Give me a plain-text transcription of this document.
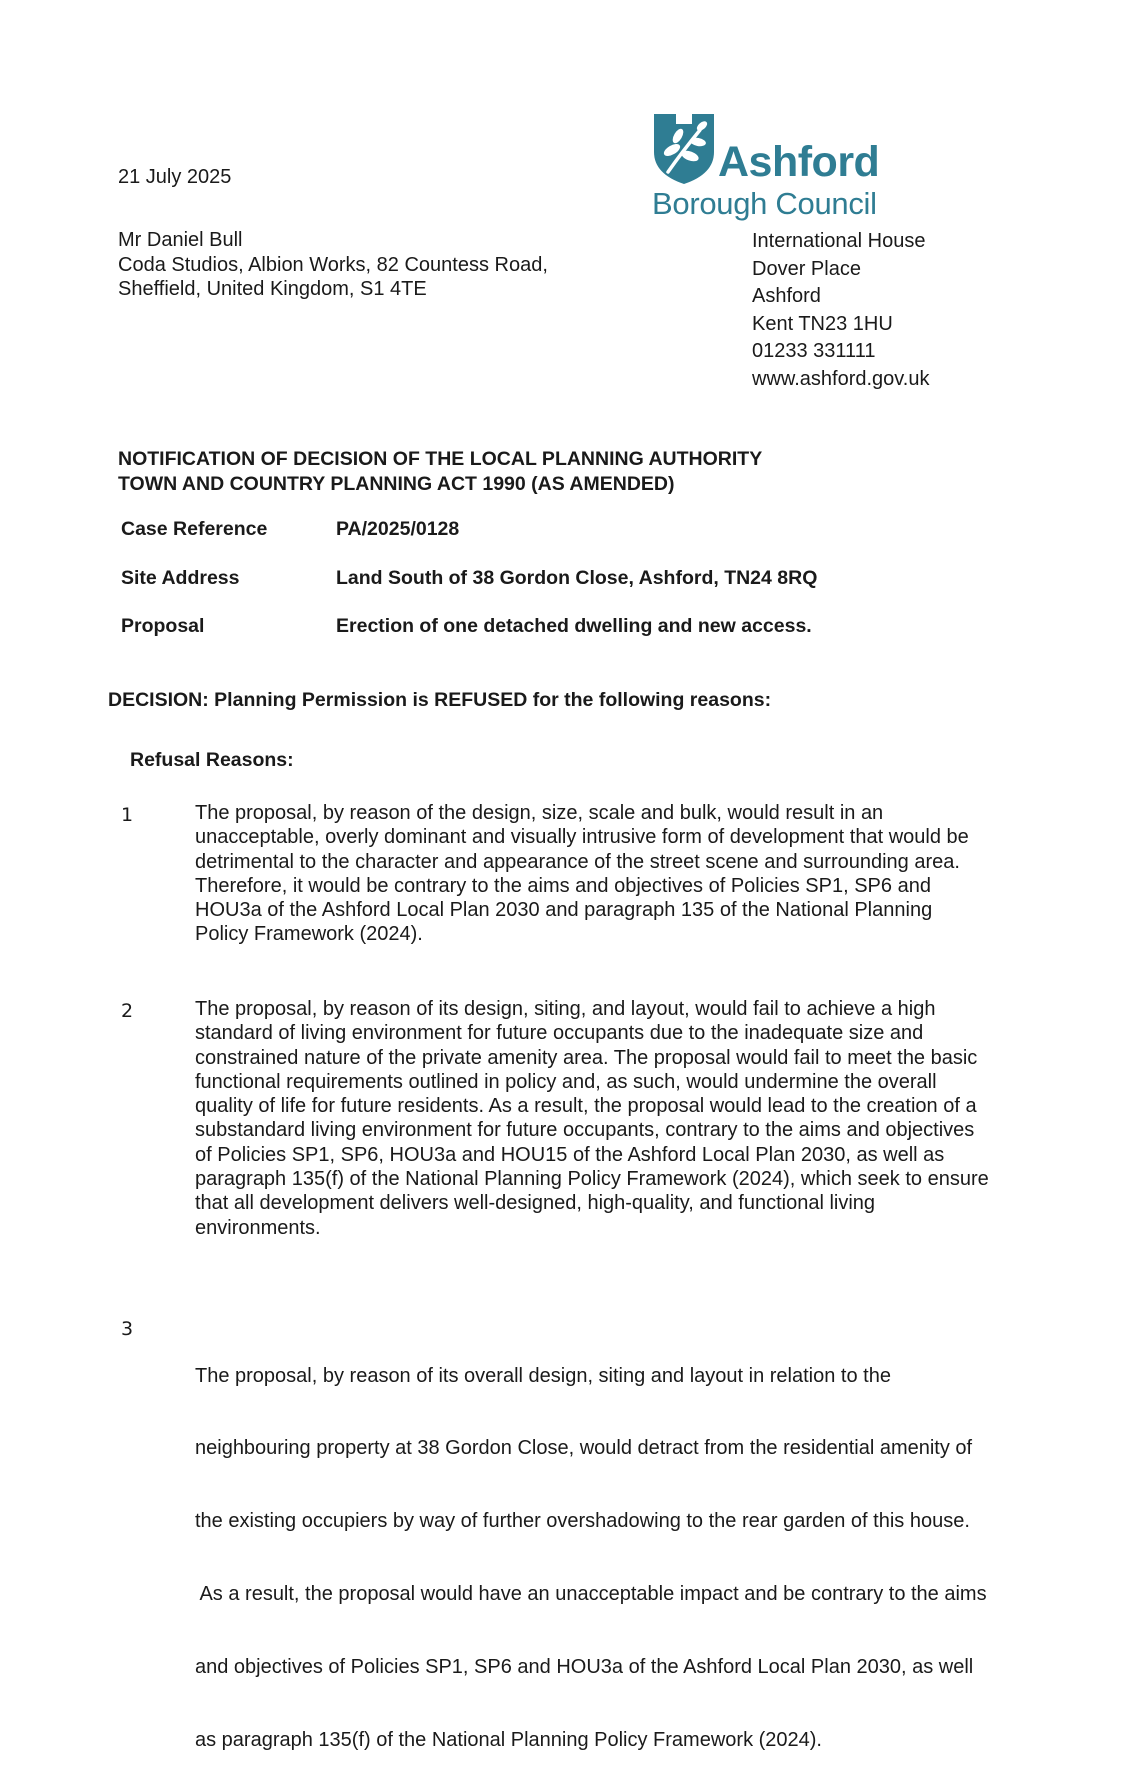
21 July 2025
Mr Daniel Bull
Coda Studios, Albion Works, 82 Countess Road,
Sheffield, United Kingdom, S1 4TE
Ashford
Borough Council
International House
Dover Place
Ashford
Kent TN23 1HU
01233 331111
www.ashford.gov.uk
NOTIFICATION OF DECISION OF THE LOCAL PLANNING AUTHORITY
TOWN AND COUNTRY PLANNING ACT 1990 (AS AMENDED)
Case Reference	PA/2025/0128
Site Address	Land South of 38 Gordon Close, Ashford, TN24 8RQ
Proposal	Erection of one detached dwelling and new access.
DECISION: Planning Permission is REFUSED for the following reasons:
Refusal Reasons:
1	The proposal, by reason of the design, size, scale and bulk, would result in an
unacceptable, overly dominant and visually intrusive form of development that would be
detrimental to the character and appearance of the street scene and surrounding area.
Therefore, it would be contrary to the aims and objectives of Policies SP1, SP6 and
HOU3a of the Ashford Local Plan 2030 and paragraph 135 of the National Planning
Policy Framework (2024).
2	The proposal, by reason of its design, siting, and layout, would fail to achieve a high
standard of living environment for future occupants due to the inadequate size and
constrained nature of the private amenity area. The proposal would fail to meet the basic
functional requirements outlined in policy and, as such, would undermine the overall
quality of life for future residents. As a result, the proposal would lead to the creation of a
substandard living environment for future occupants, contrary to the aims and objectives
of Policies SP1, SP6, HOU3a and HOU15 of the Ashford Local Plan 2030, as well as
paragraph 135(f) of the National Planning Policy Framework (2024), which seek to ensure
that all development delivers well-designed, high-quality, and functional living
environments.
3

The proposal, by reason of its overall design, siting and layout in relation to the

neighbouring property at 38 Gordon Close, would detract from the residential amenity of

the existing occupiers by way of further overshadowing to the rear garden of this house.

As a result, the proposal would have an unacceptable impact and be contrary to the aims

and objectives of Policies SP1, SP6 and HOU3a of the Ashford Local Plan 2030, as well

as paragraph 135(f) of the National Planning Policy Framework (2024).
